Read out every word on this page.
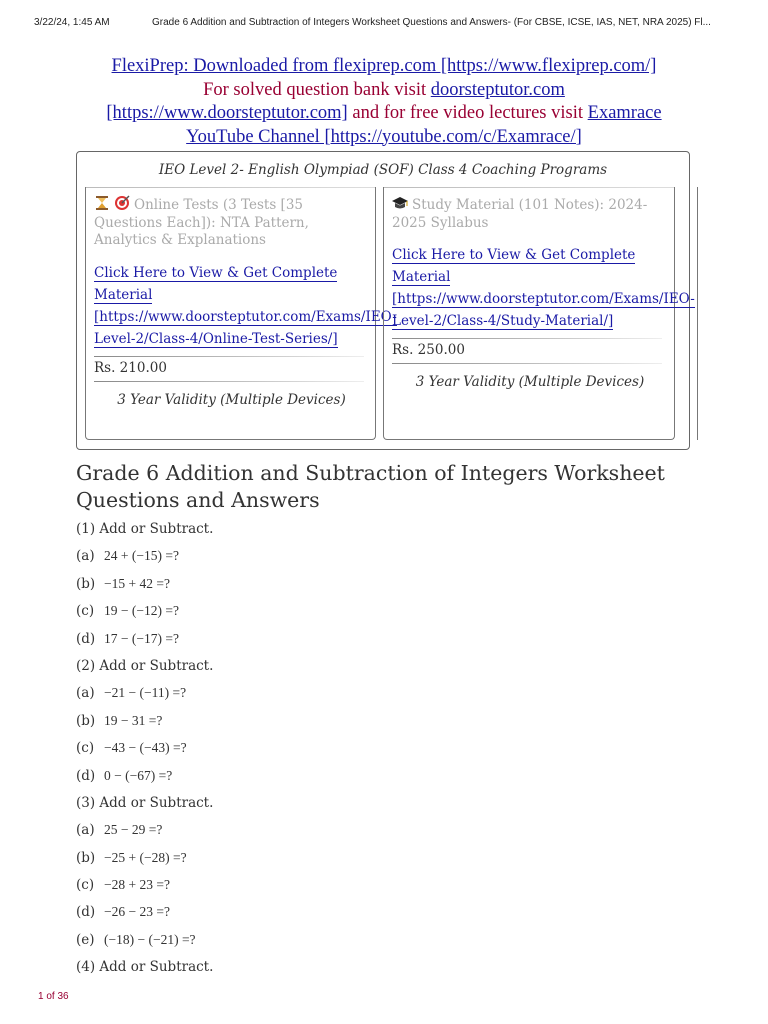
3/22/24, 1:45 AM	Grade 6 Addition and Subtraction of Integers Worksheet Questions and Answers- (For CBSE, ICSE, IAS, NET, NRA 2025) Fl...
FlexiPrep: Downloaded from flexiprep.com [https://www.flexiprep.com/]
For solved question bank visit doorsteptutor.com
[https://www.doorsteptutor.com] and for free video lectures visit Examrace
YouTube Channel [https://youtube.com/c/Examrace/]
IEO Level 2- English Olympiad (SOF) Class 4 Coaching Programs
Online Tests (3 Tests [35 Questions Each]): NTA Pattern, Analytics & Explanations
Click Here to View & Get Complete Material [https://www.doorsteptutor.com/Exams/IEO-Level-2/Class-4/Online-Test-Series/]
Rs. 210.00
3 Year Validity (Multiple Devices)
Study Material (101 Notes): 2024-2025 Syllabus
Click Here to View & Get Complete Material [https://www.doorsteptutor.com/Exams/IEO-Level-2/Class-4/Study-Material/]
Rs. 250.00
3 Year Validity (Multiple Devices)
Grade 6 Addition and Subtraction of Integers Worksheet Questions and Answers
(1) Add or Subtract.
(a) 24 + (−15) =?
(b) −15 + 42 =?
(c) 19 − (−12) =?
(d) 17 − (−17) =?
(2) Add or Subtract.
(a) −21 − (−11) =?
(b) 19 − 31 =?
(c) −43 − (−43) =?
(d) 0 − (−67) =?
(3) Add or Subtract.
(a) 25 − 29 =?
(b) −25 + (−28) =?
(c) −28 + 23 =?
(d) −26 − 23 =?
(e) (−18) − (−21) =?
(4) Add or Subtract.
1 of 36
